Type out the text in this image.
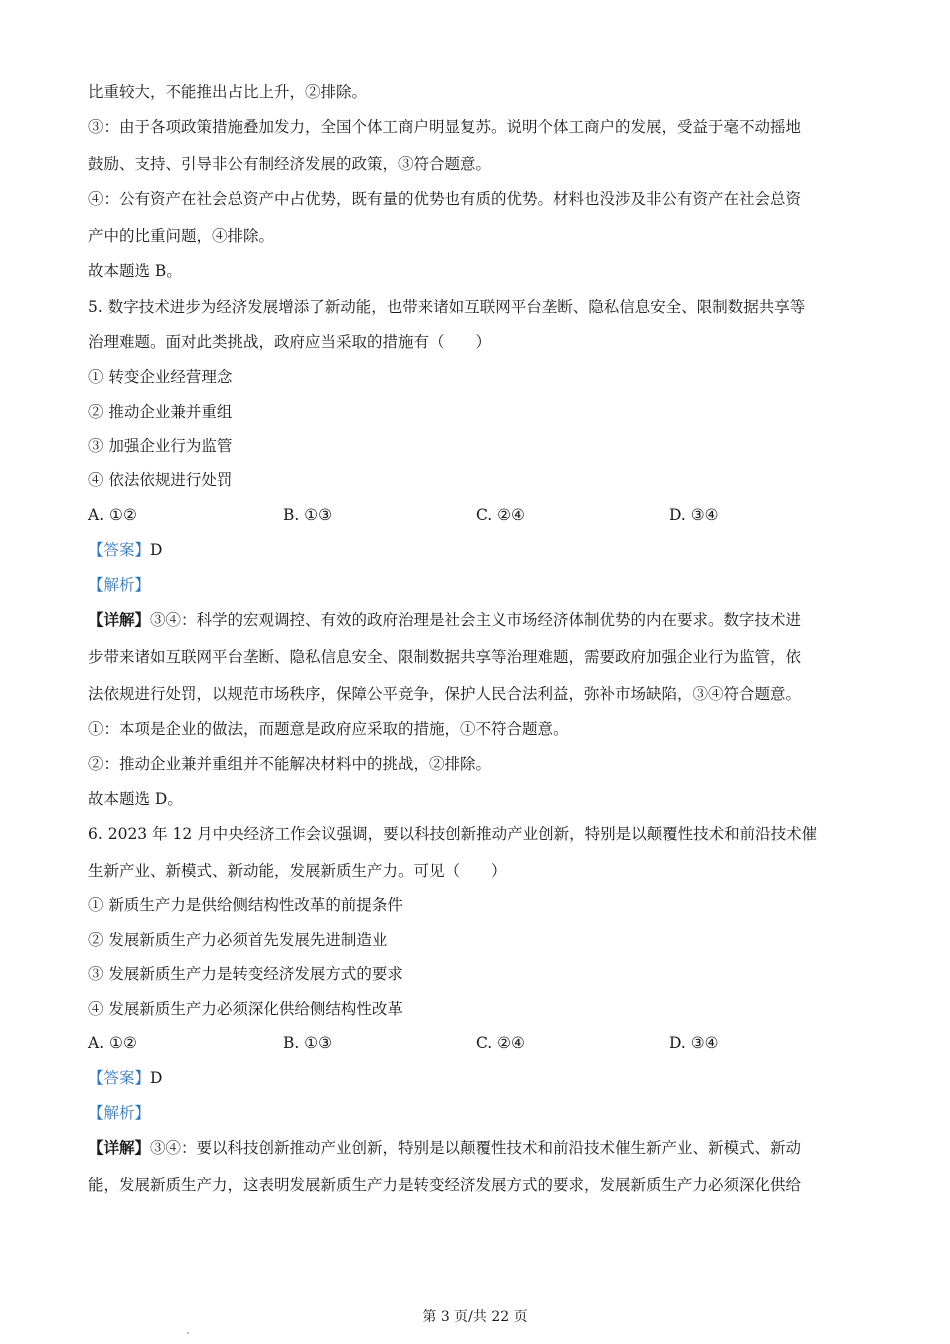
比重较大，不能推出占比上升，②排除。
③：由于各项政策措施叠加发力，全国个体工商户明显复苏。说明个体工商户的发展，受益于毫不动摇地
鼓励、支持、引导非公有制经济发展的政策，③符合题意。
④：公有资产在社会总资产中占优势，既有量的优势也有质的优势。材料也没涉及非公有资产在社会总资
产中的比重问题，④排除。
故本题选 B。
5. 数字技术进步为经济发展增添了新动能，也带来诸如互联网平台垄断、隐私信息安全、限制数据共享等
治理难题。面对此类挑战，政府应当采取的措施有（　　）
① 转变企业经营理念
② 推动企业兼并重组
③ 加强企业行为监管
④ 依法依规进行处罚
A. ①②	B. ①③	C. ②④	D. ③④
【答案】D
【解析】
【详解】③④：科学的宏观调控、有效的政府治理是社会主义市场经济体制优势的内在要求。数字技术进
步带来诸如互联网平台垄断、隐私信息安全、限制数据共享等治理难题，需要政府加强企业行为监管，依
法依规进行处罚，以规范市场秩序，保障公平竞争，保护人民合法利益，弥补市场缺陷，③④符合题意。
①：本项是企业的做法，而题意是政府应采取的措施，①不符合题意。
②：推动企业兼并重组并不能解决材料中的挑战，②排除。
故本题选 D。
6. 2023 年 12 月中央经济工作会议强调，要以科技创新推动产业创新，特别是以颠覆性技术和前沿技术催
生新产业、新模式、新动能，发展新质生产力。可见（　　）
① 新质生产力是供给侧结构性改革的前提条件
② 发展新质生产力必须首先发展先进制造业
③ 发展新质生产力是转变经济发展方式的要求
④ 发展新质生产力必须深化供给侧结构性改革
A. ①②	B. ①③	C. ②④	D. ③④
【答案】D
【解析】
【详解】③④：要以科技创新推动产业创新，特别是以颠覆性技术和前沿技术催生新产业、新模式、新动
能，发展新质生产力，这表明发展新质生产力是转变经济发展方式的要求，发展新质生产力必须深化供给
第 3 页/共 22 页
